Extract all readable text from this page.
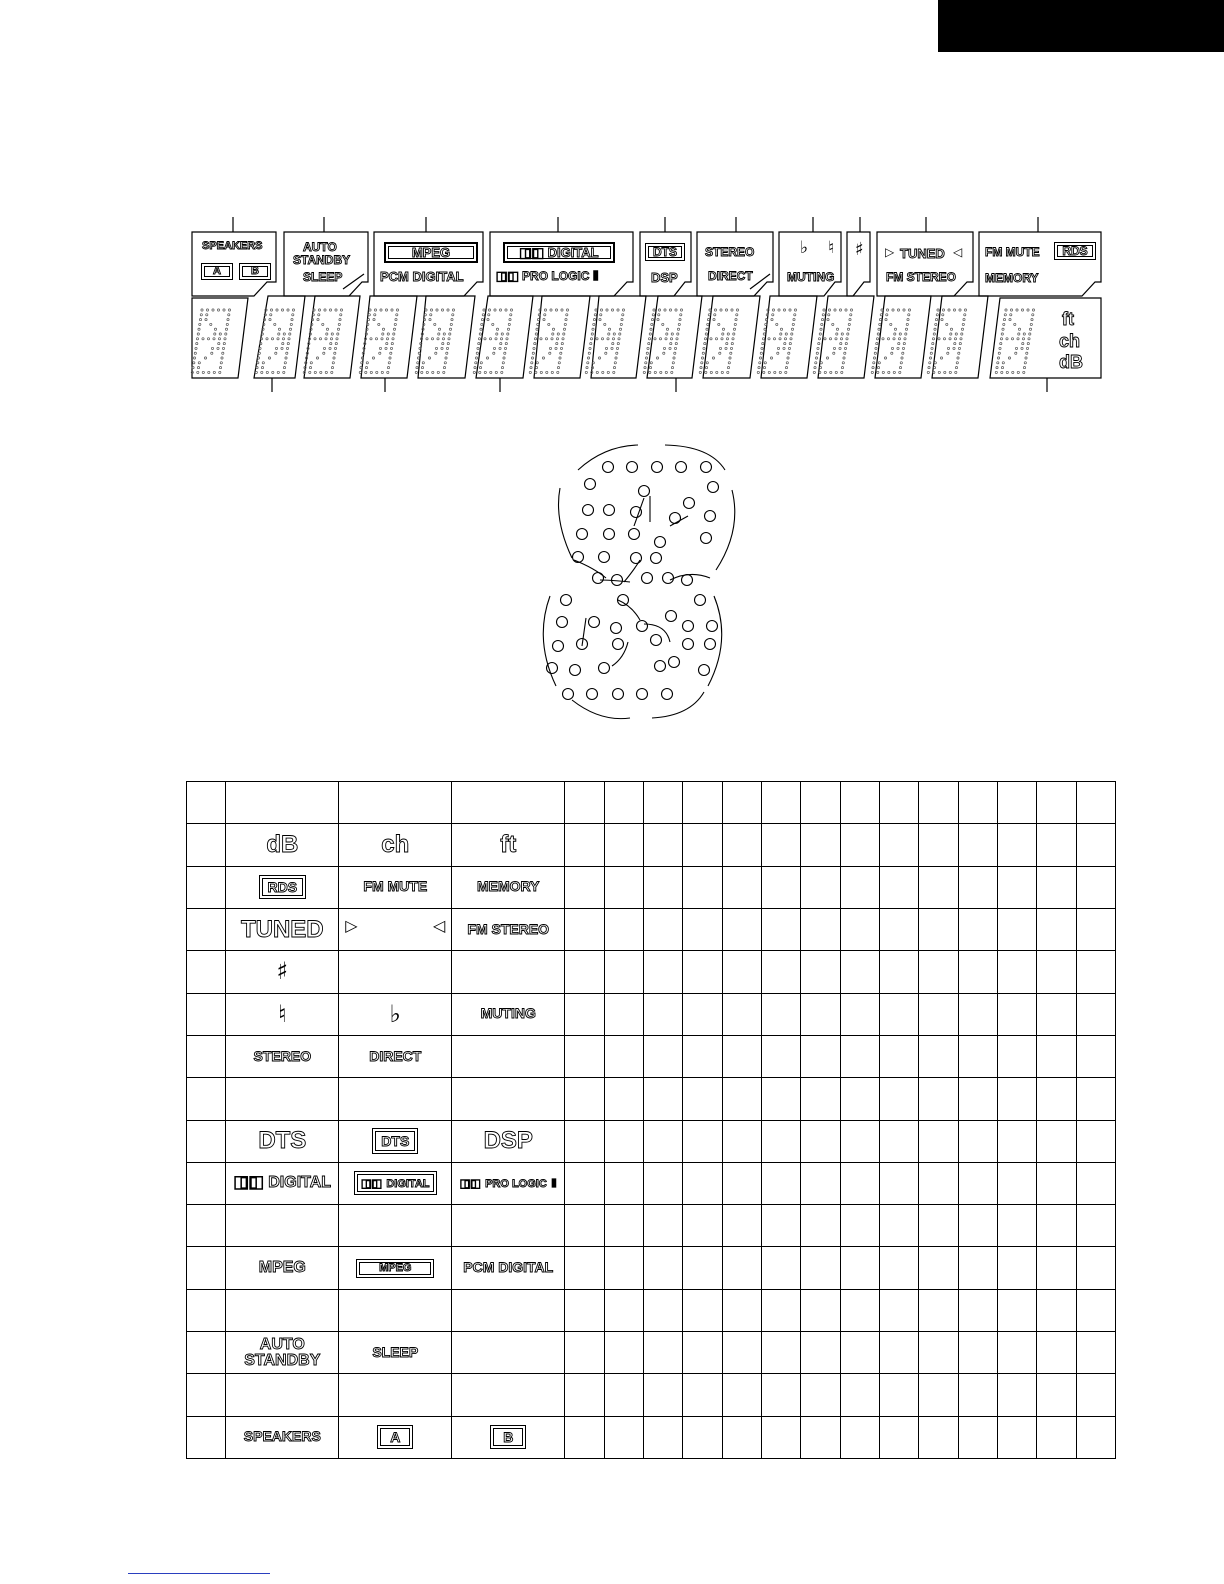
SPEAKERS
A	B
AUTO
STANDBY
SLEEP
MPEG
PCM DIGITAL
◧◨ DIGITAL
◧◨ PRO LOGIC Ⅱ
DTS
DSP
STEREO
DIRECT
♭ ♮
MUTING
♯ ▷ TUNED ◁
FM STEREO
FM MUTE	RDS
MEMORY
ft
ch
dB

	dB	ch	ft														
	RDS	FM MUTE	MEMORY														
	TUNED	▷ ◁	FM STEREO														
	♯																
	♮	♭	MUTING														
	STEREO	DIRECT															

	DTS	DTS	DSP														
	◧◨ DIGITAL	◧◨ DIGITAL	◧◨ PRO LOGIC Ⅱ														

	MPEG	MPEG	PCM DIGITAL														

	AUTO
STANDBY	SLEEP															

	SPEAKERS	A	B														
